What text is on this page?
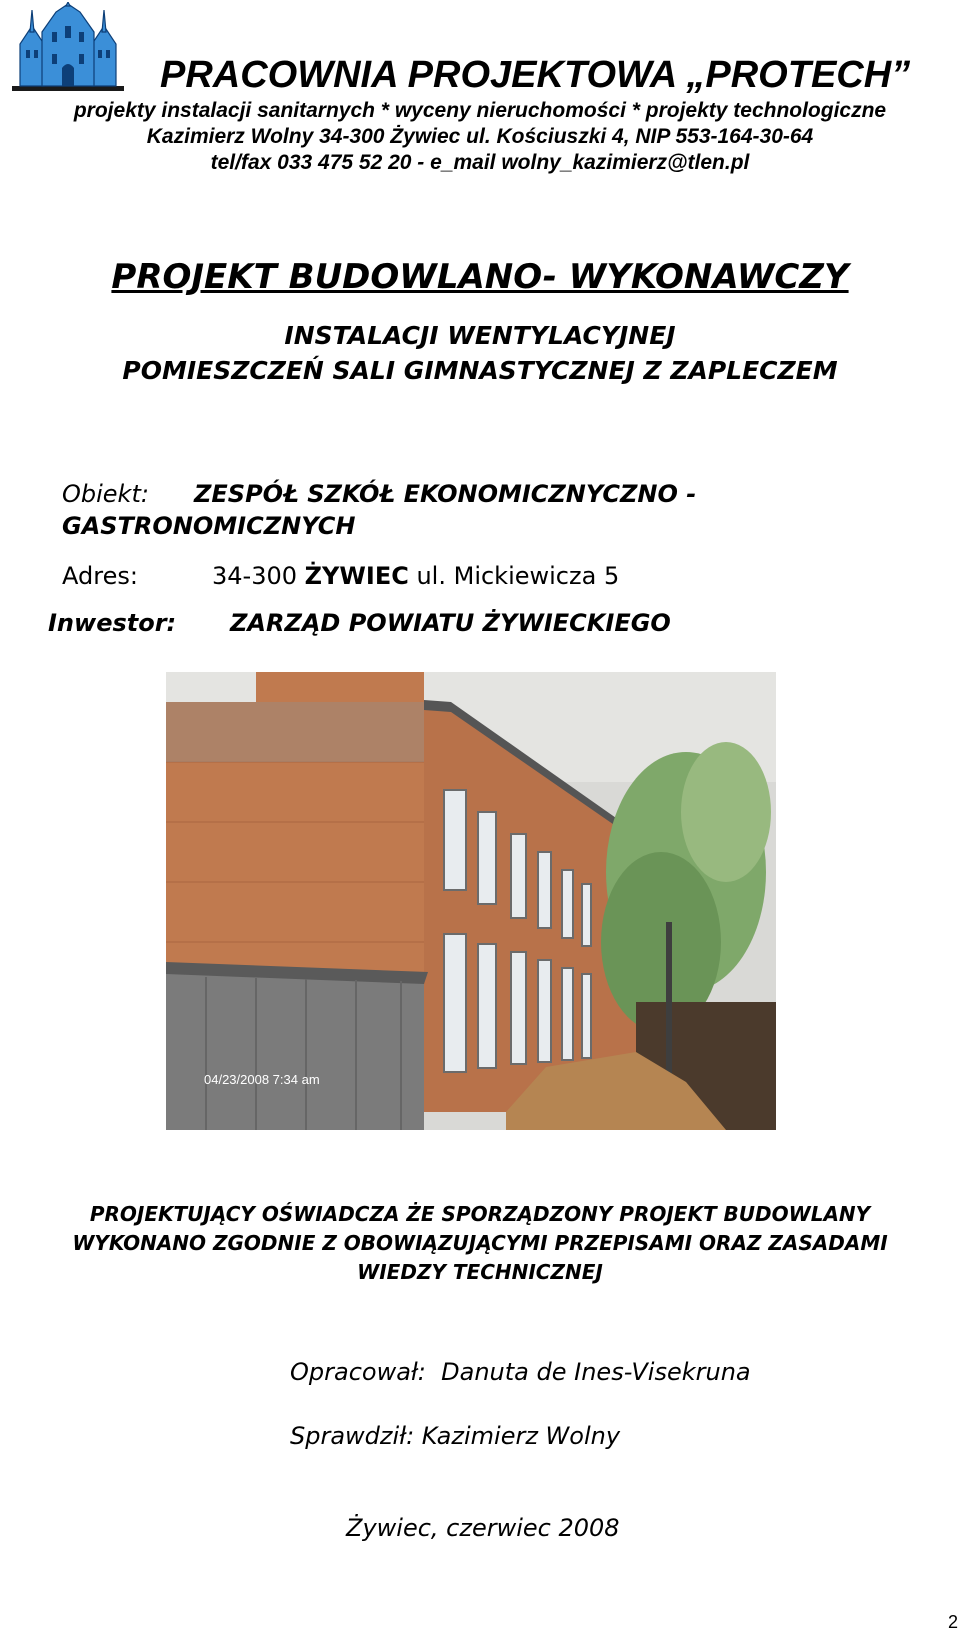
PRACOWNIA PROJEKTOWA „PROTECH”
projekty instalacji sanitarnych * wyceny nieruchomości * projekty technologiczne
Kazimierz Wolny 34-300 Żywiec ul. Kościuszki 4, NIP 553-164-30-64
tel/fax 033 475 52 20 - e_mail wolny_kazimierz@tlen.pl
PROJEKT BUDOWLANO- WYKONAWCZY
INSTALACJI WENTYLACYJNEJ
POMIESZCZEŃ SALI GIMNASTYCZNEJ Z ZAPLECZEM
Obiekt: ZESPÓŁ SZKÓŁ EKONOMICZNYCZNO -
GASTRONOMICZNYCH
Adres:	34-300 ŻYWIEC ul. Mickiewicza 5
Inwestor: ZARZĄD POWIATU ŻYWIECKIEGO
04/23/2008 7:34 am
PROJEKTUJĄCY OŚWIADCZA ŻE SPORZĄDZONY PROJEKT BUDOWLANY
WYKONANO ZGODNIE Z OBOWIĄZUJĄCYMI PRZEPISAMI ORAZ ZASADAMI
WIEDZY TECHNICZNEJ
Opracował: Danuta de Ines-Visekruna
Sprawdził: Kazimierz Wolny
Żywiec, czerwiec 2008
2
